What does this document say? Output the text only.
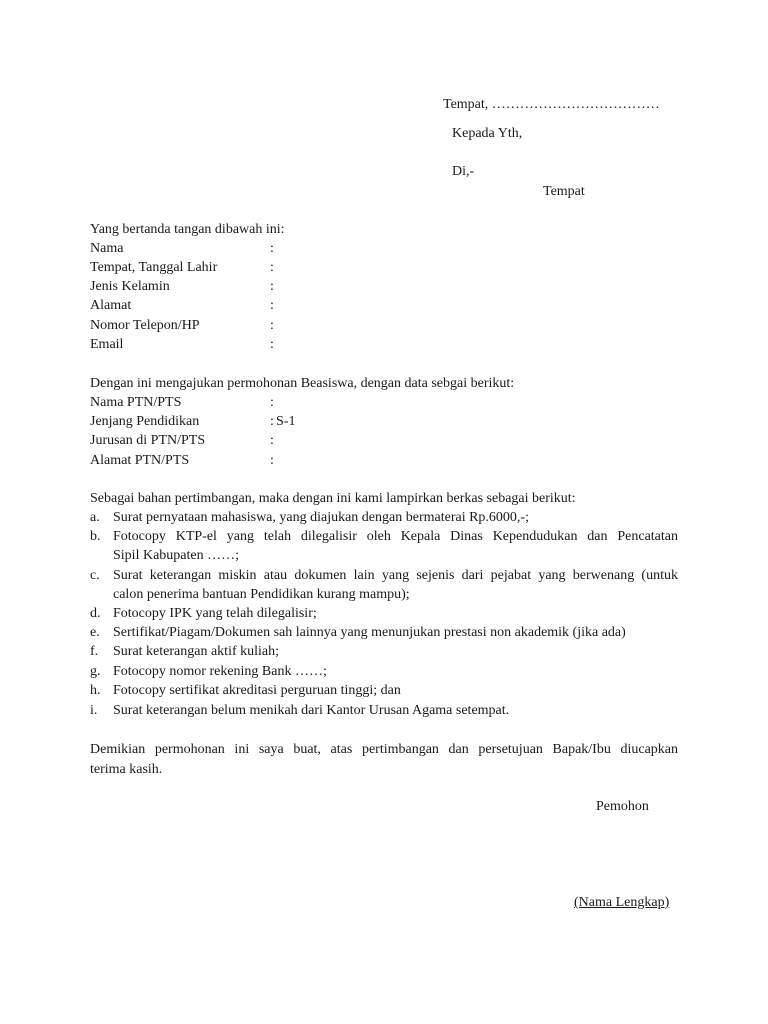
Tempat, ………………………………
Kepada Yth,
Di,-
Tempat
Yang bertanda tangan dibawah ini:
Nama	:
Tempat, Tanggal Lahir	:
Jenis Kelamin	:
Alamat	:
Nomor Telepon/HP	:
Email	:
Dengan ini mengajukan permohonan Beasiswa, dengan data sebgai berikut:
Nama PTN/PTS	:
Jenjang Pendidikan	: S-1
Jurusan di PTN/PTS	:
Alamat PTN/PTS	:
Sebagai bahan pertimbangan, maka dengan ini kami lampirkan berkas sebagai berikut:
a. Surat pernyataan mahasiswa, yang diajukan dengan bermaterai Rp.6000,-;
b. Fotocopy KTP-el yang telah dilegalisir oleh Kepala Dinas Kependudukan dan Pencatatan
Sipil Kabupaten ……;
c. Surat keterangan miskin atau dokumen lain yang sejenis dari pejabat yang berwenang (untuk
calon penerima bantuan Pendidikan kurang mampu);
d. Fotocopy IPK yang telah dilegalisir;
e. Sertifikat/Piagam/Dokumen sah lainnya yang menunjukan prestasi non akademik (jika ada)
f. Surat keterangan aktif kuliah;
g. Fotocopy nomor rekening Bank ……;
h. Fotocopy sertifikat akreditasi perguruan tinggi; dan
i. Surat keterangan belum menikah dari Kantor Urusan Agama setempat.
Demikian permohonan ini saya buat, atas pertimbangan dan persetujuan Bapak/Ibu diucapkan
terima kasih.
Pemohon
(Nama Lengkap)
